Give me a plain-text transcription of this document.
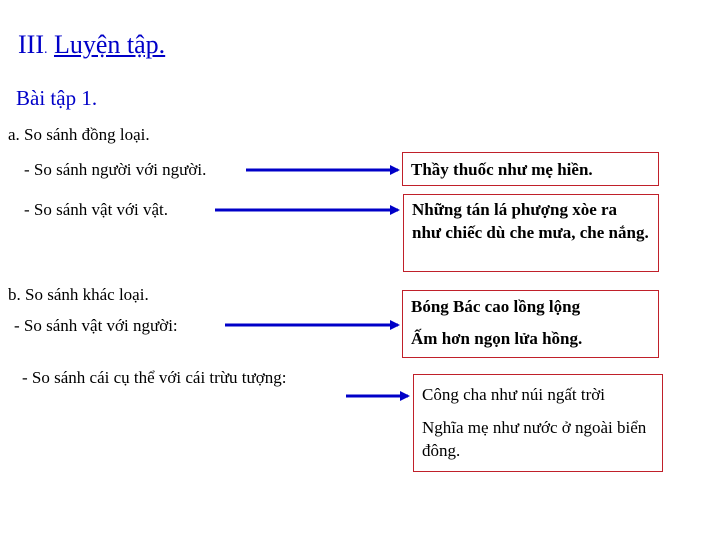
III. Luyện tập.
Bài tập 1.
a. So sánh đồng loại.
- So sánh người với người.
- So sánh vật với vật.
b. So sánh khác loại.
- So sánh vật với người:
- So sánh cái cụ thể với cái trừu tượng:
Thầy thuốc như mẹ hiền.
Những tán lá phượng xòe ra như chiếc dù che mưa, che nắng.
Bóng Bác cao lồng lộng
Ấm hơn ngọn lửa hồng.
Công cha như núi ngất trời
Nghĩa mẹ như nước ở ngoài biển đông.
